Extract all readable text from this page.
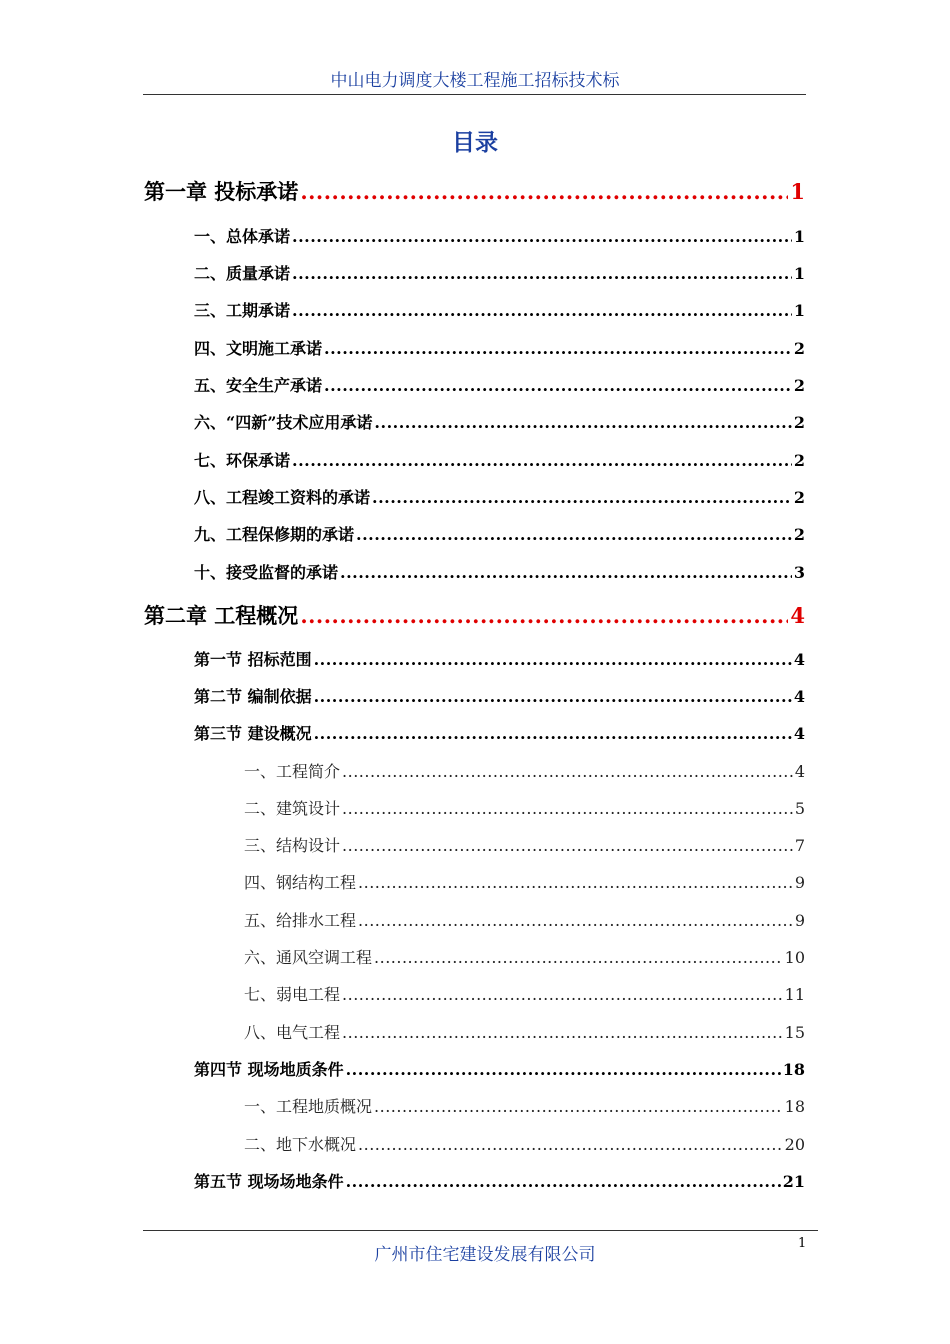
中山电力调度大楼工程施工招标技术标
目录
第一章 投标承诺 .....	1
一、总体承诺 .....	1
二、质量承诺 .....	1
三、工期承诺 .....	1
四、文明施工承诺 .....	2
五、安全生产承诺 .....	2
六、“四新”技术应用承诺 .....	2
七、环保承诺 .....	2
八、工程竣工资料的承诺 .....	2
九、工程保修期的承诺 .....	2
十、接受监督的承诺 .....	3
第二章 工程概况 .....	4
第一节 招标范围 .....	4
第二节 编制依据 .....	4
第三节 建设概况 .....	4
一、工程简介 .....	4
二、建筑设计 .....	5
三、结构设计 .....	7
四、钢结构工程 .....	9
五、给排水工程 .....	9
六、通风空调工程 .....	10
七、弱电工程 .....	11
八、电气工程 .....	15
第四节 现场地质条件 .....	18
一、工程地质概况 .....	18
二、地下水概况 .....	20
第五节 现场场地条件 .....	21
广州市住宅建设发展有限公司
1
